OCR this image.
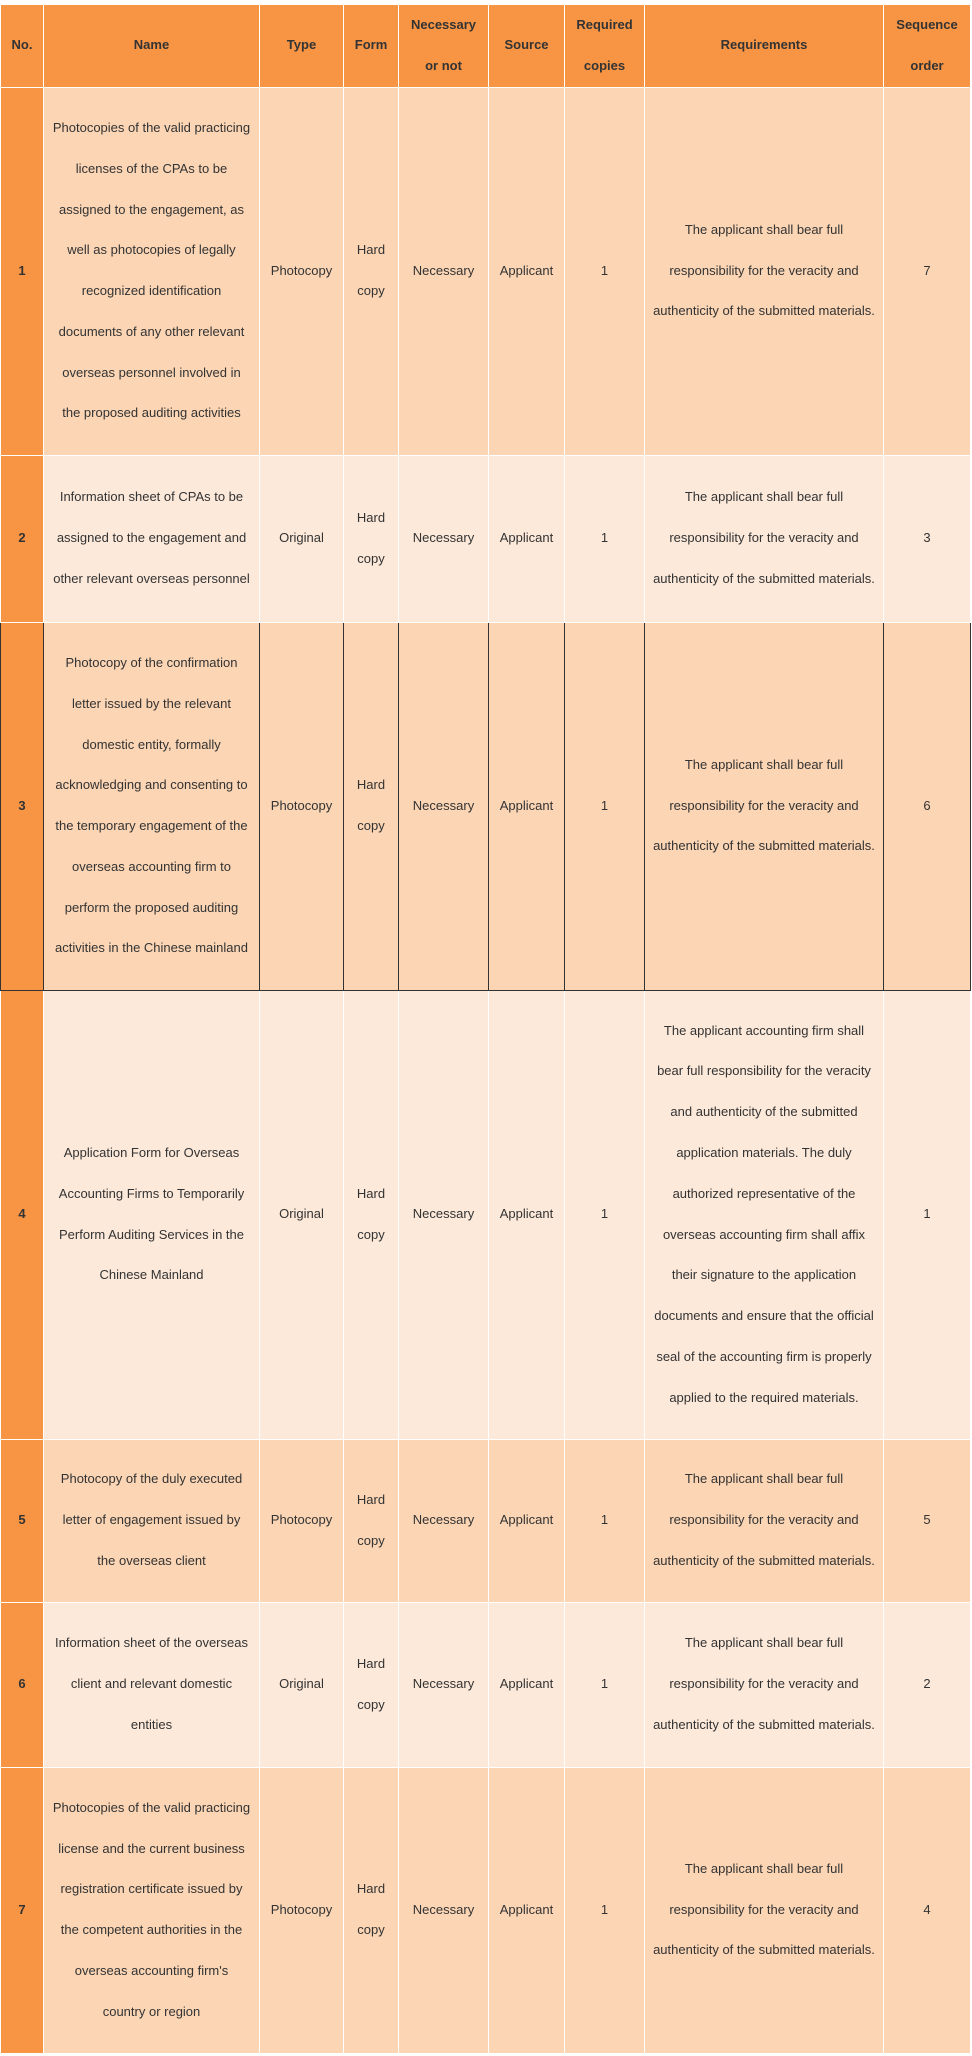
No.	Name	Type	Form	Necessary or not	Source	Required copies	Requirements	Sequence order
1	Photocopies of the valid practicing licenses of the CPAs to be assigned to the engagement, as well as photocopies of legally recognized identification documents of any other relevant overseas personnel involved in the proposed auditing activities	Photocopy	Hard copy	Necessary	Applicant	1	The applicant shall bear full responsibility for the veracity and authenticity of the submitted materials.	7
2	Information sheet of CPAs to be assigned to the engagement and other relevant overseas personnel	Original	Hard copy	Necessary	Applicant	1	The applicant shall bear full responsibility for the veracity and authenticity of the submitted materials.	3
3	Photocopy of the confirmation letter issued by the relevant domestic entity, formally acknowledging and consenting to the temporary engagement of the overseas accounting firm to perform the proposed auditing activities in the Chinese mainland	Photocopy	Hard copy	Necessary	Applicant	1	The applicant shall bear full responsibility for the veracity and authenticity of the submitted materials.	6
4	Application Form for Overseas Accounting Firms to Temporarily Perform Auditing Services in the Chinese Mainland	Original	Hard copy	Necessary	Applicant	1	The applicant accounting firm shall bear full responsibility for the veracity and authenticity of the submitted application materials. The duly authorized representative of the overseas accounting firm shall affix their signature to the application documents and ensure that the official seal of the accounting firm is properly applied to the required materials.	1
5	Photocopy of the duly executed letter of engagement issued by the overseas client	Photocopy	Hard copy	Necessary	Applicant	1	The applicant shall bear full responsibility for the veracity and authenticity of the submitted materials.	5
6	Information sheet of the overseas client and relevant domestic entities	Original	Hard copy	Necessary	Applicant	1	The applicant shall bear full responsibility for the veracity and authenticity of the submitted materials.	2
7	Photocopies of the valid practicing license and the current business registration certificate issued by the competent authorities in the overseas accounting firm's country or region	Photocopy	Hard copy	Necessary	Applicant	1	The applicant shall bear full responsibility for the veracity and authenticity of the submitted materials.	4
